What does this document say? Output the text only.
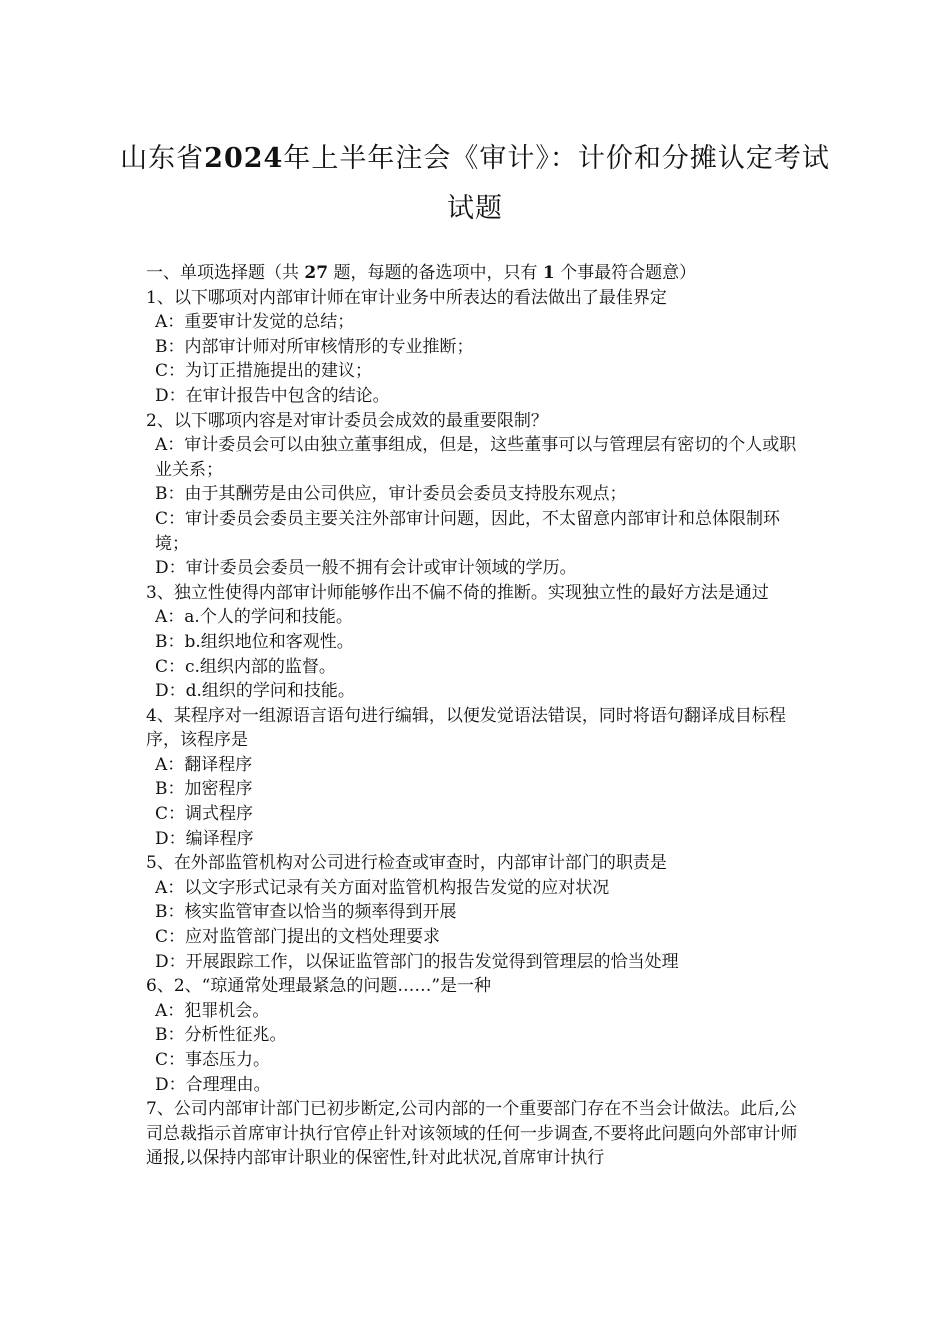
山东省2024年上半年注会《审计》：计价和分摊认定考试
试题
一、单项选择题（共 27 题，每题的备选项中，只有 1 个事最符合题意）
1、以下哪项对内部审计师在审计业务中所表达的看法做出了最佳界定
A：重要审计发觉的总结；
B：内部审计师对所审核情形的专业推断；
C：为订正措施提出的建议；
D：在审计报告中包含的结论。
2、以下哪项内容是对审计委员会成效的最重要限制？
A：审计委员会可以由独立董事组成，但是，这些董事可以与管理层有密切的个人或职业关系；
B：由于其酬劳是由公司供应，审计委员会委员支持股东观点；
C：审计委员会委员主要关注外部审计问题，因此，不太留意内部审计和总体限制环境；
D：审计委员会委员一般不拥有会计或审计领域的学历。
3、独立性使得内部审计师能够作出不偏不倚的推断。实现独立性的最好方法是通过
A：a.个人的学问和技能。
B：b.组织地位和客观性。
C：c.组织内部的监督。
D：d.组织的学问和技能。
4、某程序对一组源语言语句进行编辑，以便发觉语法错误，同时将语句翻译成目标程序，该程序是
A：翻译程序
B：加密程序
C：调式程序
D：编译程序
5、在外部监管机构对公司进行检查或审查时，内部审计部门的职责是
A：以文字形式记录有关方面对监管机构报告发觉的应对状况
B：核实监管审查以恰当的频率得到开展
C：应对监管部门提出的文档处理要求
D：开展跟踪工作，以保证监管部门的报告发觉得到管理层的恰当处理
6、2、“琼通常处理最紧急的问题……”是一种
A：犯罪机会。
B：分析性征兆。
C：事态压力。
D：合理理由。
7、公司内部审计部门已初步断定,公司内部的一个重要部门存在不当会计做法。此后,公司总裁指示首席审计执行官停止针对该领域的任何一步调查,不要将此问题向外部审计师通报,以保持内部审计职业的保密性,针对此状况,首席审计执行
